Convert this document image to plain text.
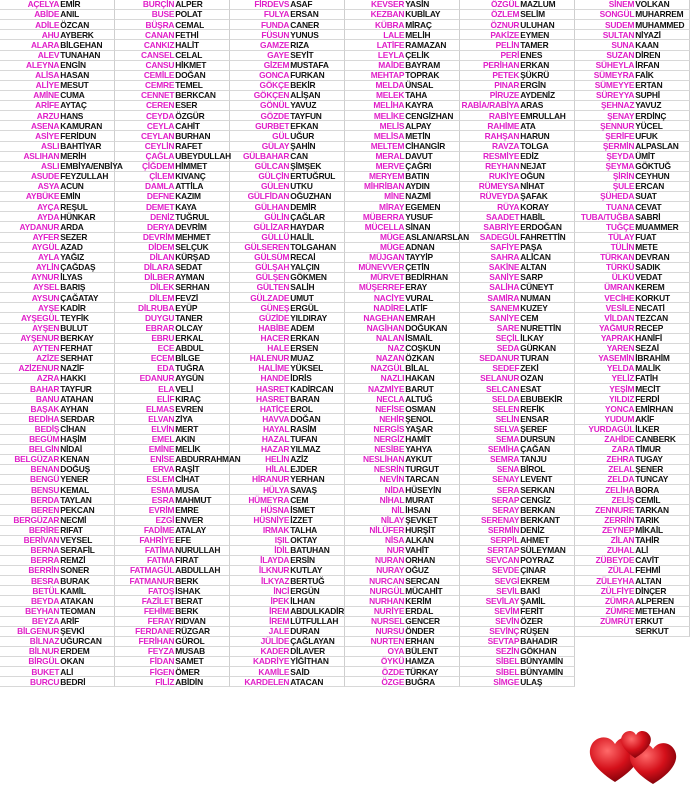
AÇELYA EMİR
ABİDE ANIL
ADİLE ÖZCAN
AHU AYBERK
ALARA BİLGEHAN
ALEV TUNAHAN
ALEYNA ENGİN
ALİSA HASAN
ALİYE MESUT
AMİNE CUMA
ARİFE AYTAÇ
ARZU HANS
ASENA KAMURAN
ASİYE FERİDUN
ASLI BAHTİYAR
ASLIHAN MERİH
ASLI EMBİYA/ENBİYA
ASUDE FEYZULLAH
ASYA ACUN
AYBÜKE EMİN
AYÇA REŞUL
AYDA HÜNKAR
AYDANUR ARDA
AYFER SEZER
AYGÜL AZAD
AYLA YAĞIZ
AYLİN ÇAĞDAŞ
AYNUR İLYAS
AYSEL BARIŞ
AYSUN ÇAĞATAY
AYŞE KADİR
AYŞEGÜL TEYFİK
AYŞEN BULUT
AYŞENUR BERKAY
AYTEN FERHAT
AZİZE SERHAT
AZİZENUR NAZİF
AZRA HAKKI
BAHAR TAYFUR
BANU ATAHAN
BAŞAK AYHAN
BEDİHA SERDAR
BEDİŞ CİHAN
BEGÜM HAŞİM
BELGİN NİDAİ
BELGÜZAR KENAN
BENAN DOĞUŞ
BENGÜ YENER
BENSU KEMAL
BERDA TAYLAN
BEREN PEKCAN
BERGÜZAR NECMİ
BERİRE RIFAT
BERİVAN VEYSEL
BERNA SERAFİL
BERRA REMZİ
BERRİN SONER
BESRA BURAK
BETÜL KAMİL
BEYDA ATAKAN
BEYHAN TEOMAN
BEYZA ARİF
BİLGENUR ŞEVKİ
BİLNAZ UĞURCAN
BİLNUR ERDEM
BİRGÜL OKAN
BUKET ALİ
BURCU BEDRİ
BURÇİN ALPER
BUSE POLAT
BÜŞRA CEMAL
CANAN FETHİ
CANKIZ HALİT
CANSEL CELAL
CANSU HİKMET
CEMİLE DOĞAN
CEMRE TEMEL
CENNET BERKCAN
CEREN ESER
CEYDA ÖZGÜR
CEYLA CAHİT
CEYLAN BURHAN
CEYLİN RAFET
ÇAĞLA UBEYDULLAH
ÇİĞDEM HİMMET
ÇİLEM KIVANÇ
DAMLA ATTİLA
DEFNE KAZIM
DEMET KAYA
DENİZ TUĞRUL
DERYA DEVRİM
DEVRİM MEHMET
DİDEM SELÇUK
DİLAN KÜRŞAD
DİLARA SEDAT
DİLBER AYMAN
DİLEK SERHAN
DİLEM FEVZİ
DİLRUBA EYÜP
DUYGU TANER
EBRAR OLCAY
EBRU ERKAL
ECE ABDUL
ECEM BİLGE
EDA TUĞRA
EDANUR AYGÜN
ELA VELİ
ELİF KIRAÇ
ELMAS EVREN
ELVAN ZİYA
ELVİN MERT
EMEL AKIN
EMİNE MELİK
ENİSE ABDURRAHMAN
ERVA RAŞİT
ESLEM CİHAT
ESMA MUSA
ESRA MAHMUT
EVRİM EMRE
EZGİ ENVER
FADİME ATALAY
FAHRİYE EFE
FATİMA NURULLAH
FATMA FIRAT
FATMAGÜL ABDULLAH
FATMANUR BERK
FATOŞ İSHAK
FAZİLET BERAT
FEHİME BERK
FERAY RIDVAN
FERDANE RÜZGAR
FERİHAN GÜROL
FEYZA MUSAB
FİDAN SAMET
FİGEN ÖMER
FİLİZ ABİDİN
FİRDEVS ASAF
FULYA ERSAN
FUNDA CANER
FÜSUN YUNUS
GAMZE RIZA
GAYE SEYİT
GİZEM MUSTAFA
GONCA FURKAN
GÖKÇE BEKİR
GÖKÇEN ALİŞAN
GÖNÜL YAVUZ
GÖZDE TAYFUN
GURBET EFKAN
GÜL UĞUR
GÜLAY ŞAHİN
GÜLBAHAR CAN
GÜLCAN ŞİMŞEK
GÜLÇİN ERTUĞRUL
GÜLEN UTKU
GÜLFİDAN OĞUZHAN
GÜLHAN DEMİR
GÜLİN ÇAĞLAR
GÜLİZAR HAYDAR
GÜLLÜ HALİL
GÜLSEREN TOLGAHAN
GÜLSÜM RECAİ
GÜLŞAH YALÇIN
GÜLŞEN GÖKMEN
GÜLTEN SALİH
GÜLZADE UMUT
GÜNEŞ ERGÜL
GÜZİDE YILDIRAY
HABİBE ADEM
HACER ERKAN
HALE ERSEN
HALENUR MUAZ
HALİME YÜKSEL
HANDE İDRİS
HASRET KADİRCAN
HASRET BARAN
HATİÇE EROL
HAVVA DOĞAN
HAYAL RASİM
HAZAL TUFAN
HAZAR YILMAZ
HELİN AZİZ
HİLAL EJDER
HİRANUR YERHAN
HÜLYA SAVAŞ
HÜMEYRA CEM
HÜSNA İSMET
HÜSNİYE İZZET
IRMAK TALHA
IŞIL OKTAY
İDİL BATUHAN
İLAYDA ERSİN
İLKNUR KUTLAY
İLKYAZ BERTUĞ
İNCİ ERGÜN
İPEK İLHAN
İREM ABDULKADİR
İREM LÜTFULLAH
JALE DURAN
JÜLİDE ÇAĞLAYAN
KADER DİLAVER
KADRİYE YİĞİTHAN
KAMİLE SAİD
KARDELEN ATACAN
KEVSER YASİN
KEZBAN KUBİLAY
KÜBRA MİRAÇ
LALE MELİH
LATİFE RAMAZAN
LEYLA ÇELİK
MAİDE BAYRAM
MEHTAP TOPRAK
MELDA ÜNSAL
MELEK TAHA
MELİHA KAYRA
MELİKE CENGİZHAN
MELİS ALPAY
MELİSA METİN
MELTEM CİHANGİR
MERAL DAVUT
MERVE ÇAĞRI
MERYEM BATIN
MİHRİBAN AYDIN
MİNE NAZMİ
MİRAY EGEMEN
MÜBERRA YUSUF
MÜCELLA SİNAN
MÜGE ASLAN/ARSLAN
MÜGE ADNAN
MÜJGAN TAYYİP
MÜNEVVER ÇETİN
MÜRVET BEDİRHAN
MÜŞERREF ERAY
NACİYE VURAL
NADİRE LATİF
NAGEHAN EMRAH
NAGİHAN DOĞUKAN
NALAN İSMAİL
NAZ COŞKUN
NAZAN ÖZKAN
NAZGÜL BİLAL
NAZLI HAKAN
NAZMİYE BARUT
NECLA ALTUĞ
NEFİSE OSMAN
NEHİR ŞENOL
NERGİS YAŞAR
NERGİZ HAMİT
NESİBE YAHYA
NESLİHAN AYKUT
NESRİN TURGUT
NEVİN TARCAN
NİDA HÜSEYİN
NİHAL MURAT
NİL İHSAN
NİLAY ŞEVKET
NİLÜFER HURŞİT
NİSA ALKAN
NUR VAHİT
NURAN ORHAN
NURAY OĞUZ
NURCAN SERCAN
NURGÜL MÜCAHİT
NURHAN KERİM
NURİYE ERDAL
NURSEL GENCER
NURSU ÖNDER
NURTEN ERHAN
OYA BÜLENT
ÖYKÜ HAMZA
ÖZDE TÜRKAY
ÖZGE BUĞRA
ÖZGÜL MAZLUM
ÖZLEM SELİM
ÖZNUR ULUHAN
PAKİZE EYMEN
PELİN TAMER
PERİ ENES
PERİHAN ERKAN
PETEK ŞÜKRÜ
PINAR ERGİN
PİRUZE AYDENİZ
RABİA/RABİYA ARAS
RABİYE EMRULLAH
RAHİME ATA
RAHŞAN HARUN
RAVZA TOLGA
RESMİYE EDİZ
REYHAN NEJAT
RUKİYE OĞUN
RÜMEYSA NİHAT
RÜVEYDA ŞAFAK
RÜYA KORAY
SAADET HABİL
SABRİYE ERDOĞAN
SADEGÜL FAHRETTİN
SAFİYE PAŞA
SAHRA ALİCAN
SAKİNE ALTAN
SANİYE SARP
SALİHA CÜNEYT
SAMİRA NUMAN
SANEM KUZEY
SANİYE CEM
SARE NURETTİN
SEÇİL İLKAY
SEDA GÜRKAN
SEDANUR TURAN
SEDEF ZEKİ
SELANUR OZAN
SELCAN ESAT
SELDA EBUBEKİR
SELEN REFİK
SELİN ENSAR
SELVA ŞEREF
SEMA DURSUN
SEMİHA ÇAĞAN
SEMRA TANJU
SENA BİROL
SENAY LEVENT
SERA SERKAN
SERAP CENGİZ
SERAY BERKAN
SERENAY BERKANT
SERMİN DENİZ
SERPİL AHMET
SERTAP SÜLEYMAN
SEVCAN POYRAZ
SEVDE ÇINAR
SEVGİ EKREM
SEVİL BAKİ
SEVİLAY ŞAMİL
SEVİM FERİT
SEVİN ÖZER
SEVİNÇ RÜŞEN
SEVTAP BAHADIR
SEZİN GÖKHAN
SİBEL BÜNYAMİN
SİBEL BÜNYAMİN
SİMGE ULAŞ
SİNEM VOLKAN
SONGÜL MUHARREM
SUDEM MUHAMMED
SULTAN NİYAZİ
SUNA KAAN
SUZAN DİREN
SÜHEYLA İRFAN
SÜMEYRA FAİK
SÜMEYYE ERTAN
SÜREYYA SUPHİ
ŞEHNAZ YAVUZ
ŞENAY ERDİNÇ
ŞENNUR YÜCEL
ŞERİFE UFUK
ŞERMİN ALPASLAN
ŞEYDA ÜMİT
ŞEYMA GÖKTUĞ
ŞİRİN CEYHUN
ŞULE ERCAN
ŞÜHEDA SUAT
TUANA CEVAT
TUBA/TUĞBA SABRİ
TUĞÇE MUAMMER
TÜLAY FUAT
TÜLİN METE
TÜRKAN DEVRAN
TÜRKÜ SADIK
ÜLKÜ VEDAT
ÜMRAN KEREM
VECİHE KORKUT
VESİLE NECATİ
VİLDAN TEZCAN
YAĞMUR RECEP
YAPRAK HANİFİ
YAREN SEZAİ
YASEMİN İBRAHİM
YELDA MALİK
YELİZ FATİH
YEŞİM MECİT
YILDIZ FERDİ
YONCA EMİRHAN
YUDUM AKİF
YURDAGÜL İLKER
ZAHİDE CANBERK
ZARA TİMUR
ZEHRA TUGAY
ZELAL ŞENER
ZELDA TUNCAY
ZELİHA BORA
ZELİŞ CEMİL
ZENNURE TARKAN
ZERRİN TARIK
ZEYNEP MİKAİL
ZİLAN TAHİR
ZUHAL ALİ
ZÜBEYDE CAVİT
ZÜLAL FEHMİ
ZÜLEYHA ALTAN
ZÜLFİYE DİNÇER
ZÜMRA ALPEREN
ZÜMRE METEHAN
ZÜMRÜT ERKUT
SERKUT
